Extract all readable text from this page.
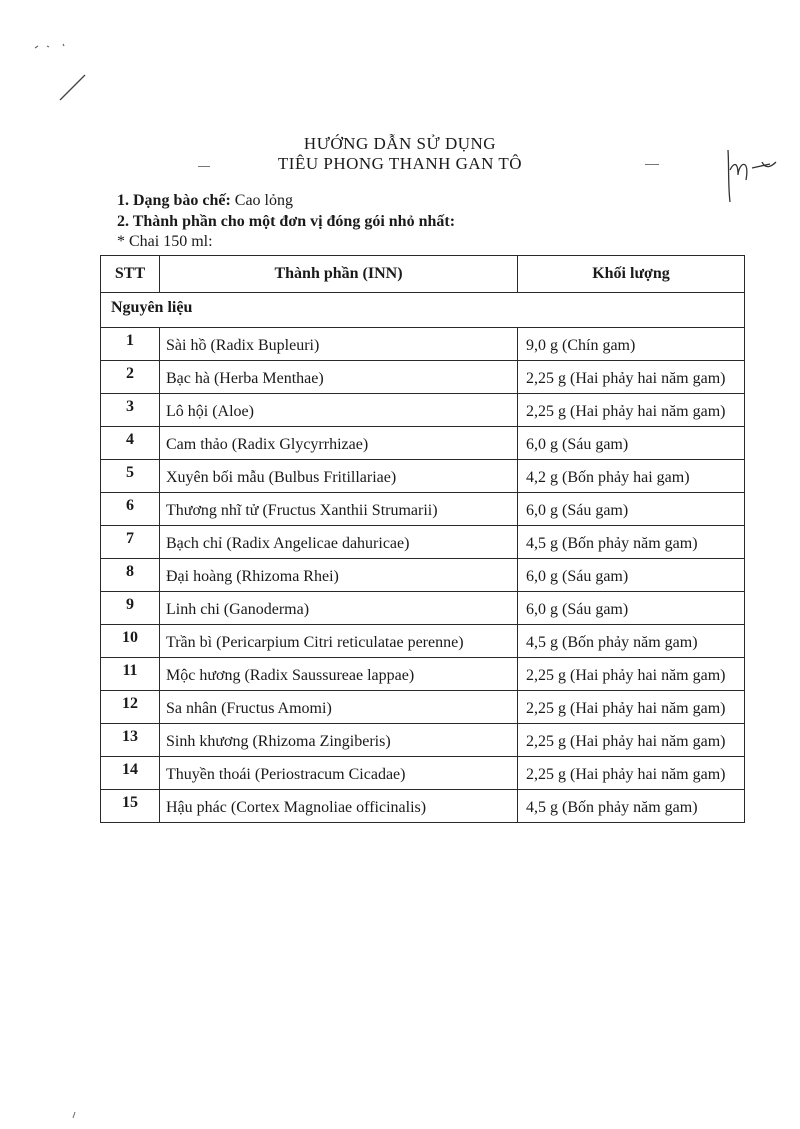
HƯỚNG DẪN SỬ DỤNG
TIÊU PHONG THANH GAN TÔ
1. Dạng bào chế: Cao lỏng
2. Thành phần cho một đơn vị đóng gói nhỏ nhất:
* Chai 150 ml:
STT	Thành phần (INN)	Khối lượng
Nguyên liệu		
1	Sài hồ (Radix Bupleuri)	9,0 g (Chín gam)
2	Bạc hà (Herba Menthae)	2,25 g (Hai phảy hai năm gam)
3	Lô hội (Aloe)	2,25 g (Hai phảy hai năm gam)
4	Cam thảo (Radix Glycyrrhizae)	6,0 g (Sáu gam)
5	Xuyên bối mẫu (Bulbus Fritillariae)	4,2 g (Bốn phảy hai gam)
6	Thương nhĩ tử (Fructus Xanthii Strumarii)	6,0 g (Sáu gam)
7	Bạch chỉ (Radix Angelicae dahuricae)	4,5 g (Bốn phảy năm gam)
8	Đại hoàng (Rhizoma Rhei)	6,0 g (Sáu gam)
9	Linh chi (Ganoderma)	6,0 g (Sáu gam)
10	Trần bì (Pericarpium Citri reticulatae perenne)	4,5 g (Bốn phảy năm gam)
11	Mộc hương (Radix Saussureae lappae)	2,25 g (Hai phảy hai năm gam)
12	Sa nhân (Fructus Amomi)	2,25 g (Hai phảy hai năm gam)
13	Sinh khương (Rhizoma Zingiberis)	2,25 g (Hai phảy hai năm gam)
14	Thuyền thoái (Periostracum Cicadae)	2,25 g (Hai phảy hai năm gam)
15	Hậu phác (Cortex Magnoliae officinalis)	4,5 g (Bốn phảy năm gam)
